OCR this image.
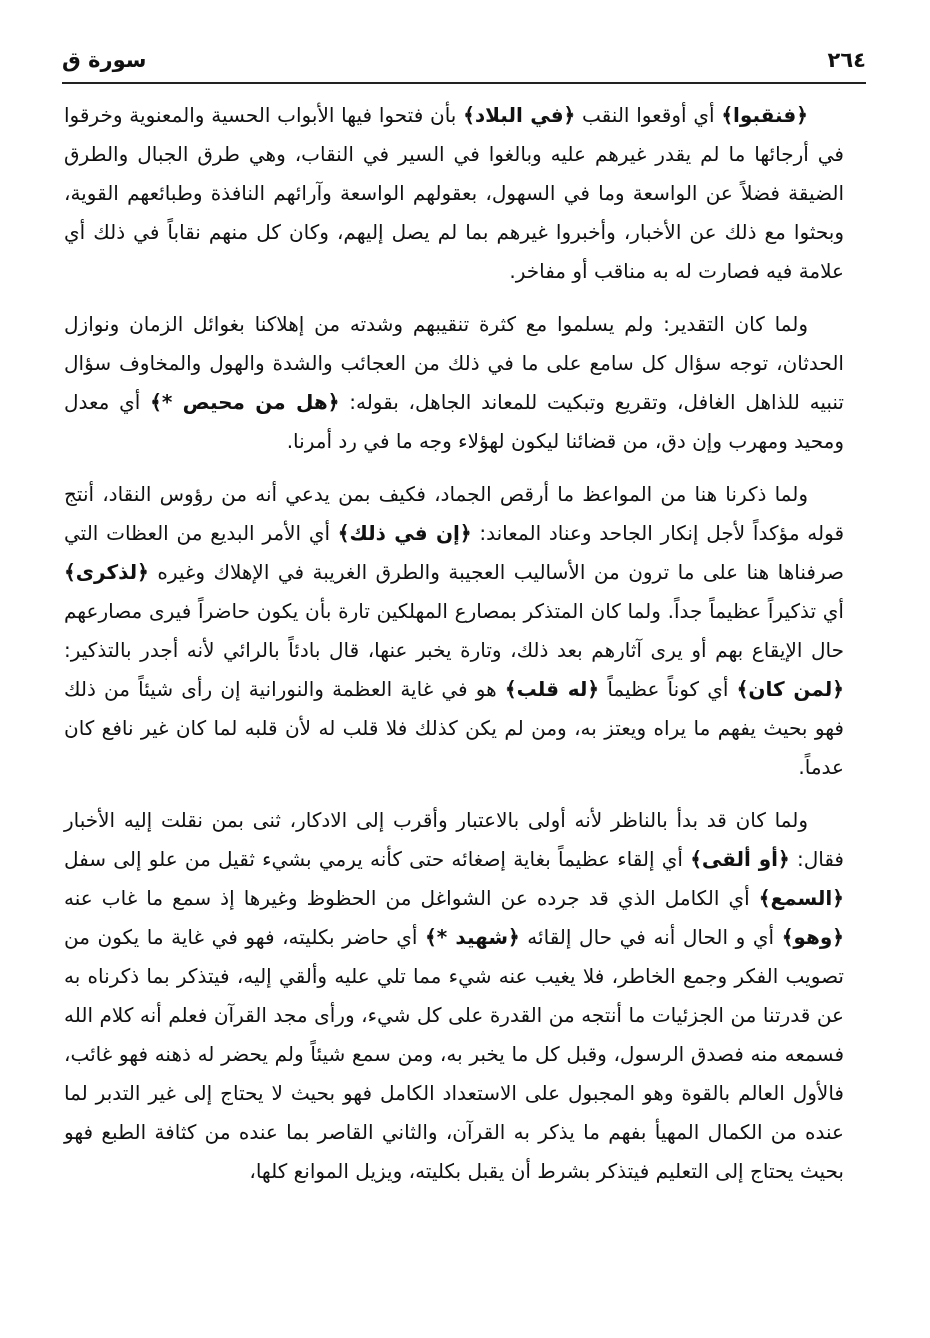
٢٦٤
سورة ق

﴿فنقبوا﴾ أي أوقعوا النقب ﴿في البلاد﴾ بأن فتحوا فيها الأبواب الحسية والمعنوية وخرقوا في أرجائها ما لم يقدر غيرهم عليه وبالغوا في السير في النقاب، وهي طرق الجبال والطرق الضيقة فضلاً عن الواسعة وما في السهول، بعقولهم الواسعة وآرائهم النافذة وطبائعهم القوية، وبحثوا مع ذلك عن الأخبار، وأخبروا غيرهم بما لم يصل إليهم، وكان كل منهم نقاباً في ذلك أي علامة فيه فصارت له به مناقب أو مفاخر.

ولما كان التقدير: ولم يسلموا مع كثرة تنقيبهم وشدته من إهلاكنا بغوائل الزمان ونوازل الحدثان، توجه سؤال كل سامع على ما في ذلك من العجائب والشدة والهول والمخاوف سؤال تنبيه للذاهل الغافل، وتقريع وتبكيت للمعاند الجاهل، بقوله: ﴿هل من محيص *﴾ أي معدل ومحيد ومهرب وإن دق، من قضائنا ليكون لهؤلاء وجه ما في رد أمرنا.

ولما ذكرنا هنا من المواعظ ما أرقص الجماد، فكيف بمن يدعي أنه من رؤوس النقاد، أنتج قوله مؤكداً لأجل إنكار الجاحد وعناد المعاند: ﴿إن في ذلك﴾ أي الأمر البديع من العظات التي صرفناها هنا على ما ترون من الأساليب العجيبة والطرق الغريبة في الإهلاك وغيره ﴿لذكرى﴾ أي تذكيراً عظيماً جداً. ولما كان المتذكر بمصارع المهلكين تارة بأن يكون حاضراً فيرى مصارعهم حال الإيقاع بهم أو يرى آثارهم بعد ذلك، وتارة يخبر عنها، قال بادئاً بالرائي لأنه أجدر بالتذكير: ﴿لمن كان﴾ أي كوناً عظيماً ﴿له قلب﴾ هو في غاية العظمة والنورانية إن رأى شيئاً من ذلك فهو بحيث يفهم ما يراه ويعتز به، ومن لم يكن كذلك فلا قلب له لأن قلبه لما كان غير نافع كان عدماً.

ولما كان قد بدأ بالناظر لأنه أولى بالاعتبار وأقرب إلى الادكار، ثنى بمن نقلت إليه الأخبار فقال: ﴿أو ألقى﴾ أي إلقاء عظيماً بغاية إصغائه حتى كأنه يرمي بشيء ثقيل من علو إلى سفل ﴿السمع﴾ أي الكامل الذي قد جرده عن الشواغل من الحظوظ وغيرها إذ سمع ما غاب عنه ﴿وهو﴾ أي و الحال أنه في حال إلقائه ﴿شهيد *﴾ أي حاضر بكليته، فهو في غاية ما يكون من تصويب الفكر وجمع الخاطر، فلا يغيب عنه شيء مما تلي عليه وألقي إليه، فيتذكر بما ذكرناه به عن قدرتنا من الجزئيات ما أنتجه من القدرة على كل شيء، ورأى مجد القرآن فعلم أنه كلام الله فسمعه منه فصدق الرسول، وقبل كل ما يخبر به، ومن سمع شيئاً ولم يحضر له ذهنه فهو غائب، فالأول العالم بالقوة وهو المجبول على الاستعداد الكامل فهو بحيث لا يحتاج إلى غير التدبر لما عنده من الكمال المهيأ بفهم ما يذكر به القرآن، والثاني القاصر بما عنده من كثافة الطبع فهو بحيث يحتاج إلى التعليم فيتذكر بشرط أن يقبل بكليته، ويزيل الموانع كلها،
